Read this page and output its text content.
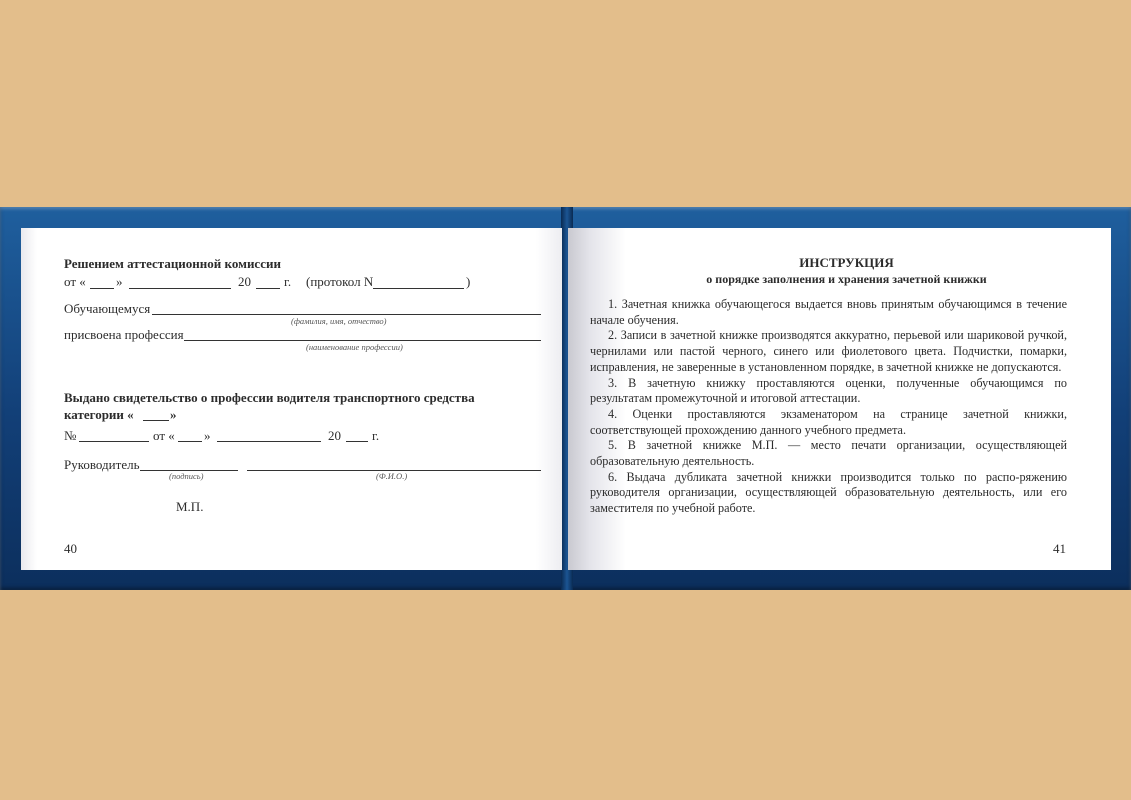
Решением аттестационной комиссии
от « »	20	г. (протокол N	)
Обучающемуся
(фамилия, имя, отчество)
присвоена профессия
(наименование профессии)
Выдано свидетельство о профессии водителя транспортного средства
категории «	»
№	от « »	20 г.
Руководитель
(подпись)	(Ф.И.О.)
М.П.
40
ИНСТРУКЦИЯ
о порядке заполнения и хранения зачетной книжки

1. Зачетная книжка обучающегося выдается вновь принятым обучающимся в течение начале обучения.

2. Записи в зачетной книжке производятся аккуратно, перьевой или шариковой ручкой, чернилами или пастой черного, синего или фиолетового цвета. Подчистки, помарки, исправления, не заверенные в установленном порядке, в зачетной книжке не допускаются.

3. В зачетную книжку проставляются оценки, полученные обучающимся по результатам промежуточной и итоговой аттестации.

4. Оценки проставляются экзаменатором на странице зачетной книжки, соответствующей прохождению данного учебного предмета.

5. В зачетной книжке М.П. — место печати организации, осуществляющей образовательную деятельность.

6. Выдача дубликата зачетной книжки производится только по распо-ряжению руководителя организации, осуществляющей образовательную деятельность, или его заместителя по учебной работе.

41
